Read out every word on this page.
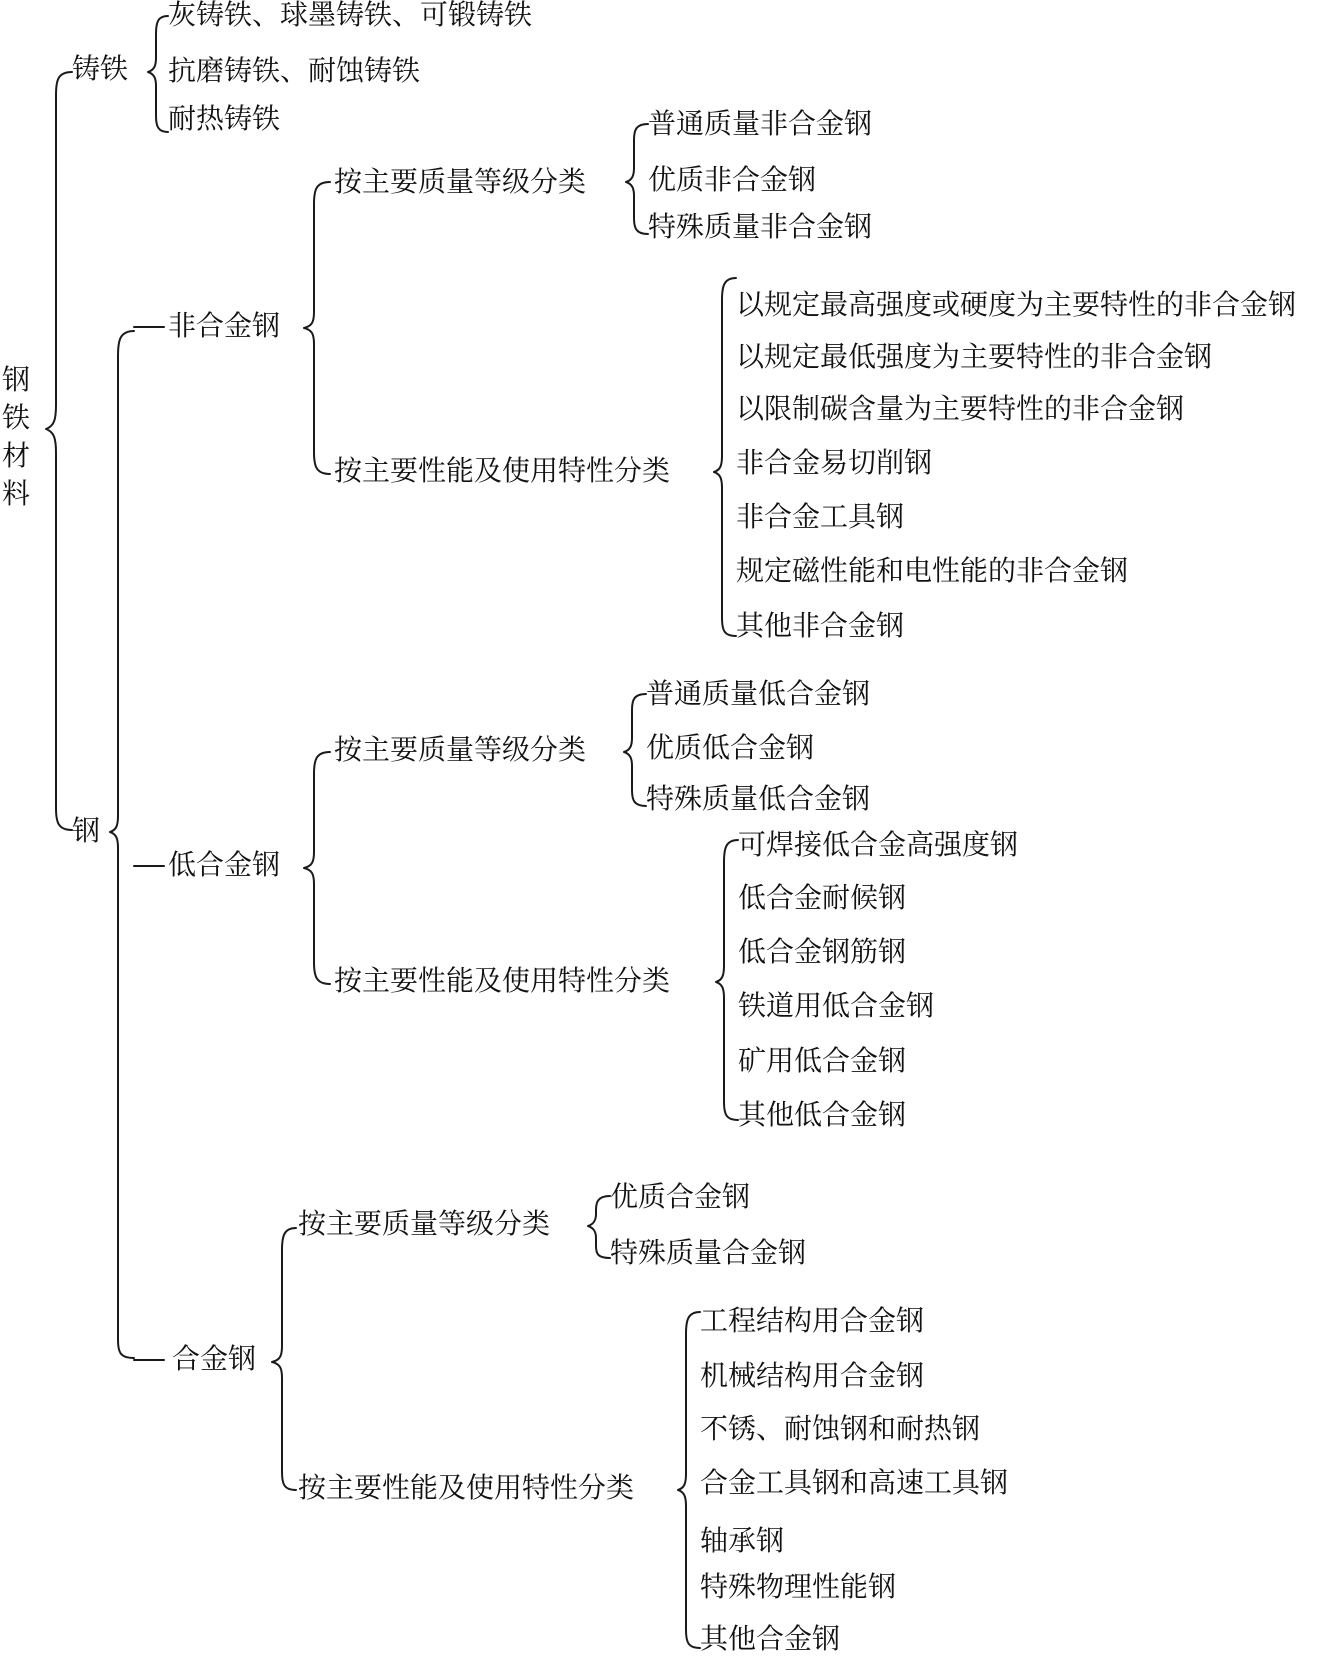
钢
铁
材
料
铸铁
灰铸铁、球墨铸铁、可锻铸铁
抗磨铸铁、耐蚀铸铁
耐热铸铁
钢
非合金钢
按主要质量等级分类
普通质量非合金钢
优质非合金钢
特殊质量非合金钢
按主要性能及使用特性分类
以规定最高强度或硬度为主要特性的非合金钢
以规定最低强度为主要特性的非合金钢
以限制碳含量为主要特性的非合金钢
非合金易切削钢
非合金工具钢
规定磁性能和电性能的非合金钢
其他非合金钢
低合金钢
按主要质量等级分类
普通质量低合金钢
优质低合金钢
特殊质量低合金钢
按主要性能及使用特性分类
可焊接低合金高强度钢
低合金耐候钢
低合金钢筋钢
铁道用低合金钢
矿用低合金钢
其他低合金钢
合金钢
按主要质量等级分类
优质合金钢
特殊质量合金钢
按主要性能及使用特性分类
工程结构用合金钢
机械结构用合金钢
不锈、耐蚀钢和耐热钢
合金工具钢和高速工具钢
轴承钢
特殊物理性能钢
其他合金钢
